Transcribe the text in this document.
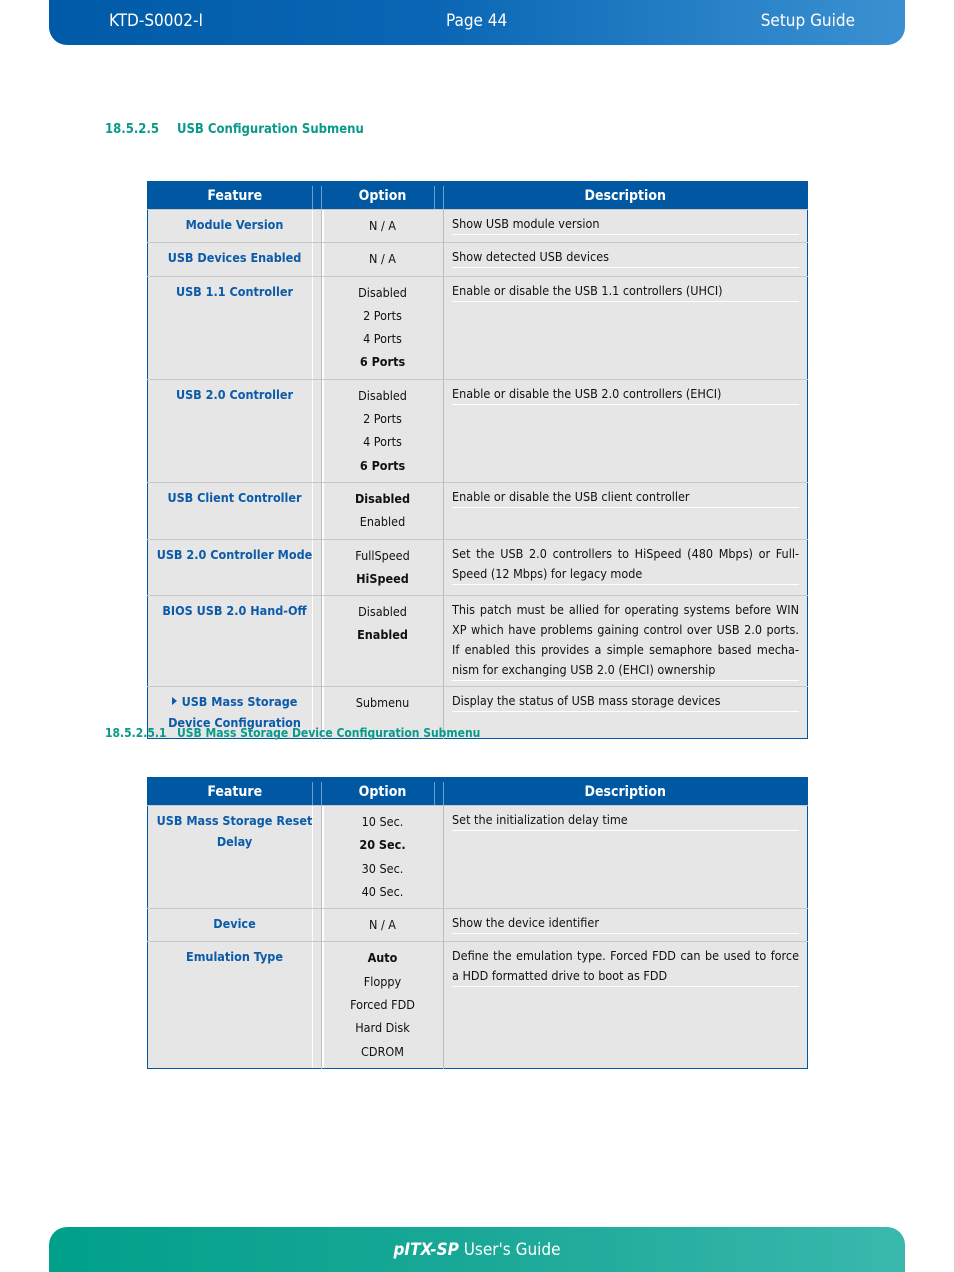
KTD-S0002-I	Page 44	Setup Guide
18.5.2.5 USB Configuration Submenu
Feature	Option	Description
Module Version	N / A	Show USB module version

USB Devices Enabled	N / A	Show detected USB devices

USB 1.1 Controller	Disabled
2 Ports
4 Ports
6 Ports	Enable or disable the USB 1.1 controllers (UHCI)

USB 2.0 Controller	Disabled
2 Ports
4 Ports
6 Ports	Enable or disable the USB 2.0 controllers (EHCI)

USB Client Controller	Disabled
Enabled	Enable or disable the USB client controller

USB 2.0 Controller Mode	FullSpeed
HiSpeed	Set the USB 2.0 controllers to HiSpeed (480 Mbps) or Full-Speed (12 Mbps) for legacy mode

BIOS USB 2.0 Hand-Off	Disabled
Enabled	This patch must be allied for operating systems before WIN XP which have problems gaining control over USB 2.0 ports. If enabled this provides a simple semaphore based mecha-nism for exchanging USB 2.0 (EHCI) ownership

USB Mass Storage Device Configuration	Submenu	Display the status of USB mass storage devices
18.5.2.5.1 USB Mass Storage Device Configuration Submenu
Feature	Option	Description
USB Mass Storage Reset Delay	10 Sec.
20 Sec.
30 Sec.
40 Sec.	Set the initialization delay time

Device	N / A	Show the device identifier

Emulation Type	Auto
Floppy
Forced FDD
Hard Disk
CDROM	Define the emulation type. Forced FDD can be used to force a HDD formatted drive to boot as FDD
pITX-SP User's Guide
